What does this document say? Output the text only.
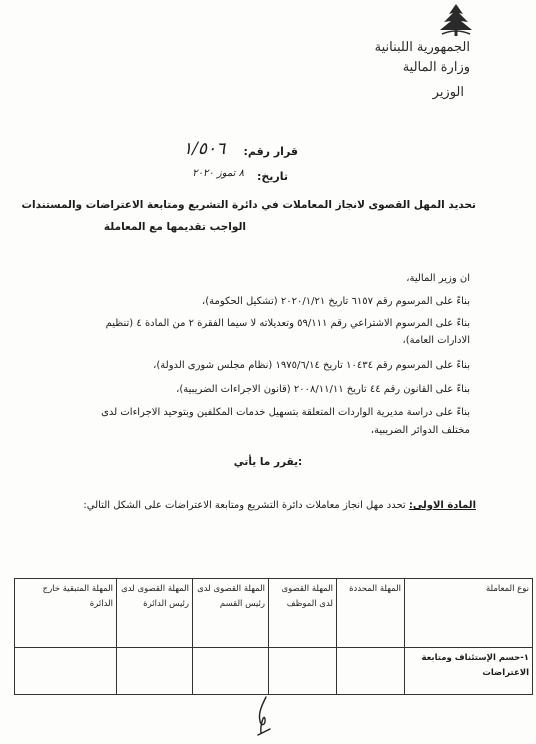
الجمهورية اللبنانية
وزارة المالية
الوزير
قرار رقم:
١/٥٠٦
تاريخ:
٨ تموز ٢٠٢٠
تحديد المهل القصوى لانجاز المعاملات في دائرة التشريع ومتابعة الاعتراضات والمستندات
الواجب تقديمها مع المعاملة
ان وزير المالية،
بناءً على المرسوم رقم ٦١٥٧ تاريخ ٢٠٢٠/١/٢١ (تشكيل الحكومة)،
بناءً على المرسوم الاشتراعي رقم ٥٩/١١١ وتعديلاته لا سيما الفقرة ٢ من المادة ٤ (تنظيم
الادارات العامة)،
بناءً على المرسوم رقم ١٠٤٣٤ تاريخ ١٩٧٥/٦/١٤ (نظام مجلس شورى الدولة)،
بناءً على القانون رقم ٤٤ تاريخ ٢٠٠٨/١١/١١ (قانون الاجراءات الضريبية)،
بناءً على دراسة مديرية الواردات المتعلقة بتسهيل خدمات المكلفين وبتوحيد الاجراءات لدى
مختلف الدوائر الضريبية،
يقرر ما يأتي:
المادة الاولى: تحدد مهل انجاز معاملات دائرة التشريع ومتابعة الاعتراضات على الشكل التالي:
نوع المعاملة	المهلة المحددة	المهلة القصوى لدى الموظف	المهلة القصوى لدى رئيس القسم	المهلة القصوى لدى رئيس الدائرة	المهلة المتبقية خارج الدائرة
١-حسم الإستئناف ومتابعة الاعتراضات					
